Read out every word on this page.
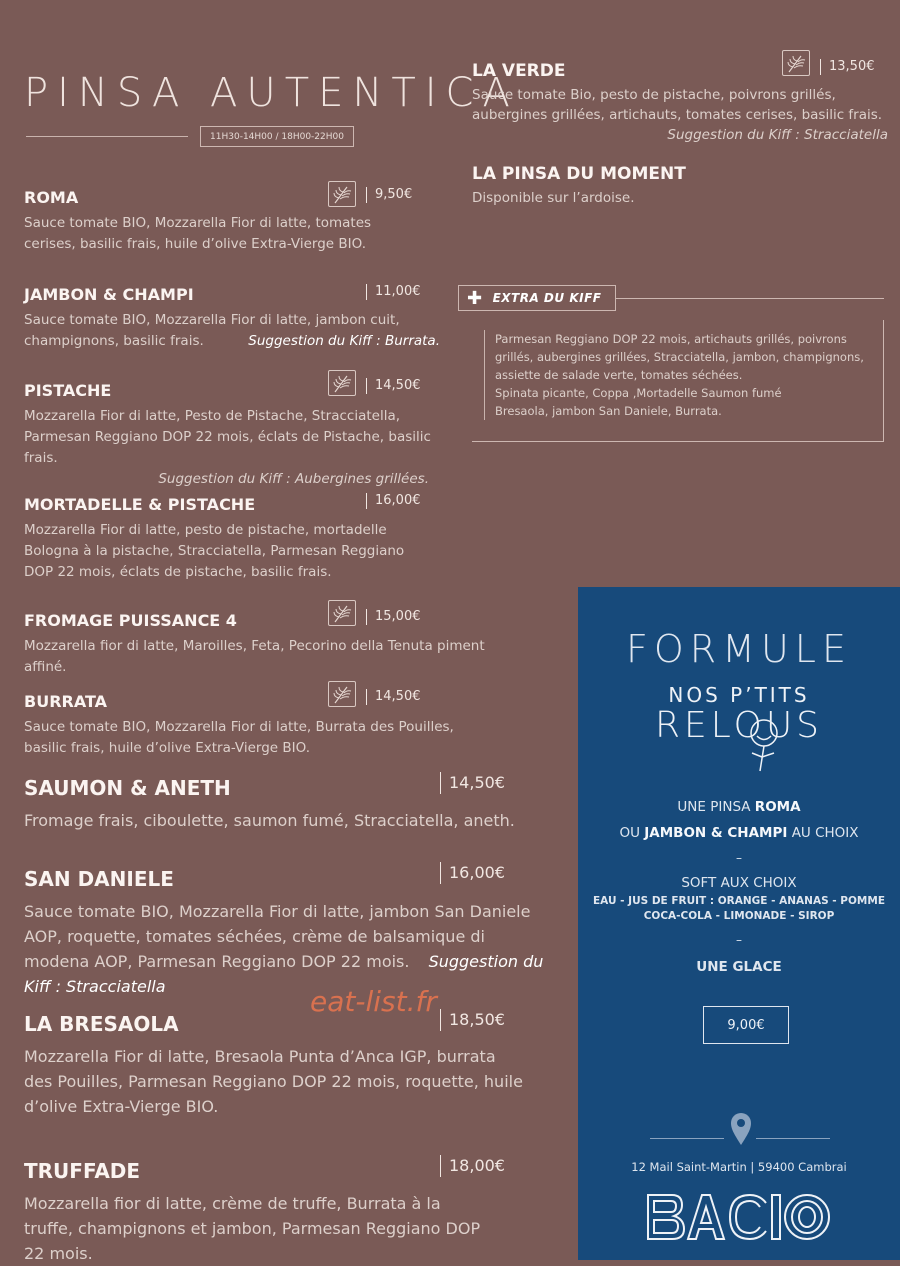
PINSA AUTENTICA
11H30-14H00 / 18H00-22H00
ROMA
Sauce tomate BIO, Mozzarella Fior di latte, tomates cerises, basilic frais, huile d’olive Extra-Vierge BIO.
9,50€
JAMBON & CHAMPI
Sauce tomate BIO, Mozzarella Fior di latte, jambon cuit, champignons, basilic frais.	Suggestion du Kiff : Burrata.
11,00€
PISTACHE
Mozzarella Fior di latte, Pesto de Pistache, Stracciatella, Parmesan Reggiano DOP 22 mois, éclats de Pistache, basilic frais.
Suggestion du Kiff : Aubergines grillées.
14,50€
MORTADELLE & PISTACHE
Mozzarella Fior di latte, pesto de pistache, mortadelle Bologna à la pistache, Stracciatella, Parmesan Reggiano DOP 22 mois, éclats de pistache, basilic frais.
16,00€
FROMAGE PUISSANCE 4
Mozzarella fior di latte, Maroilles, Feta, Pecorino della Tenuta piment affiné.
15,00€
BURRATA
Sauce tomate BIO, Mozzarella Fior di latte, Burrata des Pouilles, basilic frais, huile d’olive Extra-Vierge BIO.
14,50€
SAUMON & ANETH
Fromage frais, ciboulette, saumon fumé, Stracciatella, aneth.
14,50€
SAN DANIELE
Sauce tomate BIO, Mozzarella Fior di latte, jambon San Daniele AOP, roquette, tomates séchées, crème de balsamique di modena AOP, Parmesan Reggiano DOP 22 mois. Suggestion du Kiff : Stracciatella
16,00€
LA BRESAOLA
Mozzarella Fior di latte, Bresaola Punta d’Anca IGP, burrata des Pouilles, Parmesan Reggiano DOP 22 mois, roquette, huile d’olive Extra-Vierge BIO.
18,50€
TRUFFADE
Mozzarella fior di latte, crème de truffe, Burrata à la truffe, champignons et jambon, Parmesan Reggiano DOP 22 mois.
18,00€
LA VERDE
Sauce tomate Bio, pesto de pistache, poivrons grillés, aubergines grillées, artichauts, tomates cerises, basilic frais.
Suggestion du Kiff : Stracciatella
13,50€
LA PINSA DU MOMENT
Disponible sur l’ardoise.
✚ EXTRA DU KIFF
Parmesan Reggiano DOP 22 mois, artichauts grillés, poivrons grillés, aubergines grillées, Stracciatella, jambon, champignons, assiette de salade verte, tomates séchées.
Spinata picante, Coppa ,Mortadelle Saumon fumé
Bresaola, jambon San Daniele, Burrata.
eat-list.fr
FORMULE
NOS P’TITS
RELOUS
UNE PINSA ROMA
OU JAMBON & CHAMPI AU CHOIX
–
SOFT AUX CHOIX
EAU - JUS DE FRUIT : ORANGE - ANANAS - POMME
COCA-COLA - LIMONADE - SIROP
–
UNE GLACE
9,00€
12 Mail Saint-Martin | 59400 Cambrai
BACIO
